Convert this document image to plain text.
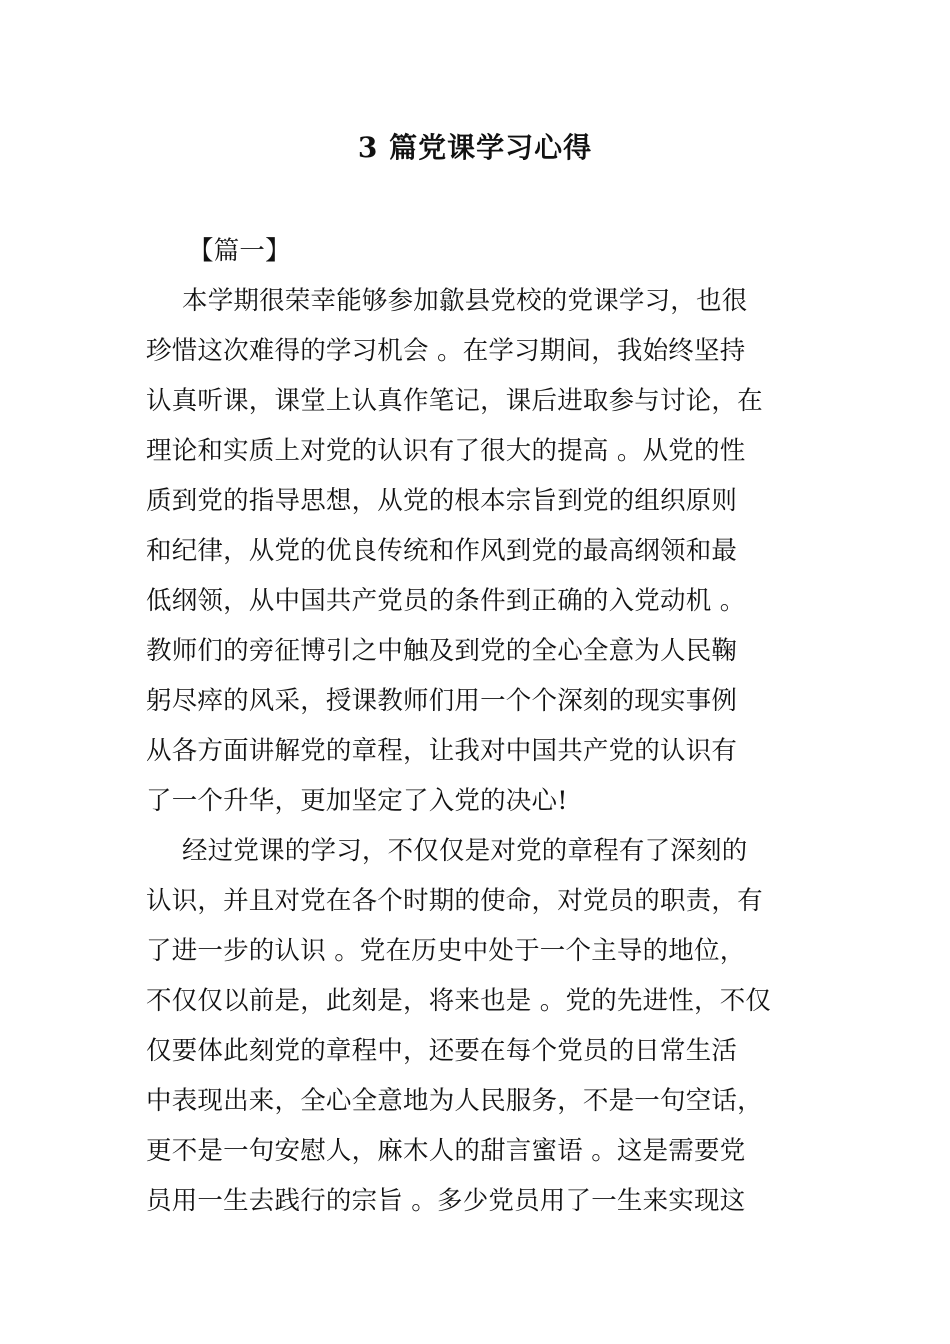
3 篇党课学习心得
【篇一】
本学期很荣幸能够参加歙县党校的党课学习，也很
珍惜这次难得的学习机会 。在学习期间，我始终坚持
认真听课，课堂上认真作笔记，课后进取参与讨论，在
理论和实质上对党的认识有了很大的提高 。从党的性
质到党的指导思想，从党的根本宗旨到党的组织原则
和纪律，从党的优良传统和作风到党的最高纲领和最
低纲领，从中国共产党员的条件到正确的入党动机 。
教师们的旁征博引之中触及到党的全心全意为人民鞠
躬尽瘁的风采，授课教师们用一个个深刻的现实事例
从各方面讲解党的章程，让我对中国共产党的认识有
了一个升华，更加坚定了入党的决心!
经过党课的学习，不仅仅是对党的章程有了深刻的
认识，并且对党在各个时期的使命，对党员的职责，有
了进一步的认识 。党在历史中处于一个主导的地位，
不仅仅以前是，此刻是，将来也是 。党的先进性，不仅
仅要体此刻党的章程中，还要在每个党员的日常生活
中表现出来，全心全意地为人民服务，不是一句空话，
更不是一句安慰人，麻木人的甜言蜜语 。这是需要党
员用一生去践行的宗旨 。多少党员用了一生来实现这
